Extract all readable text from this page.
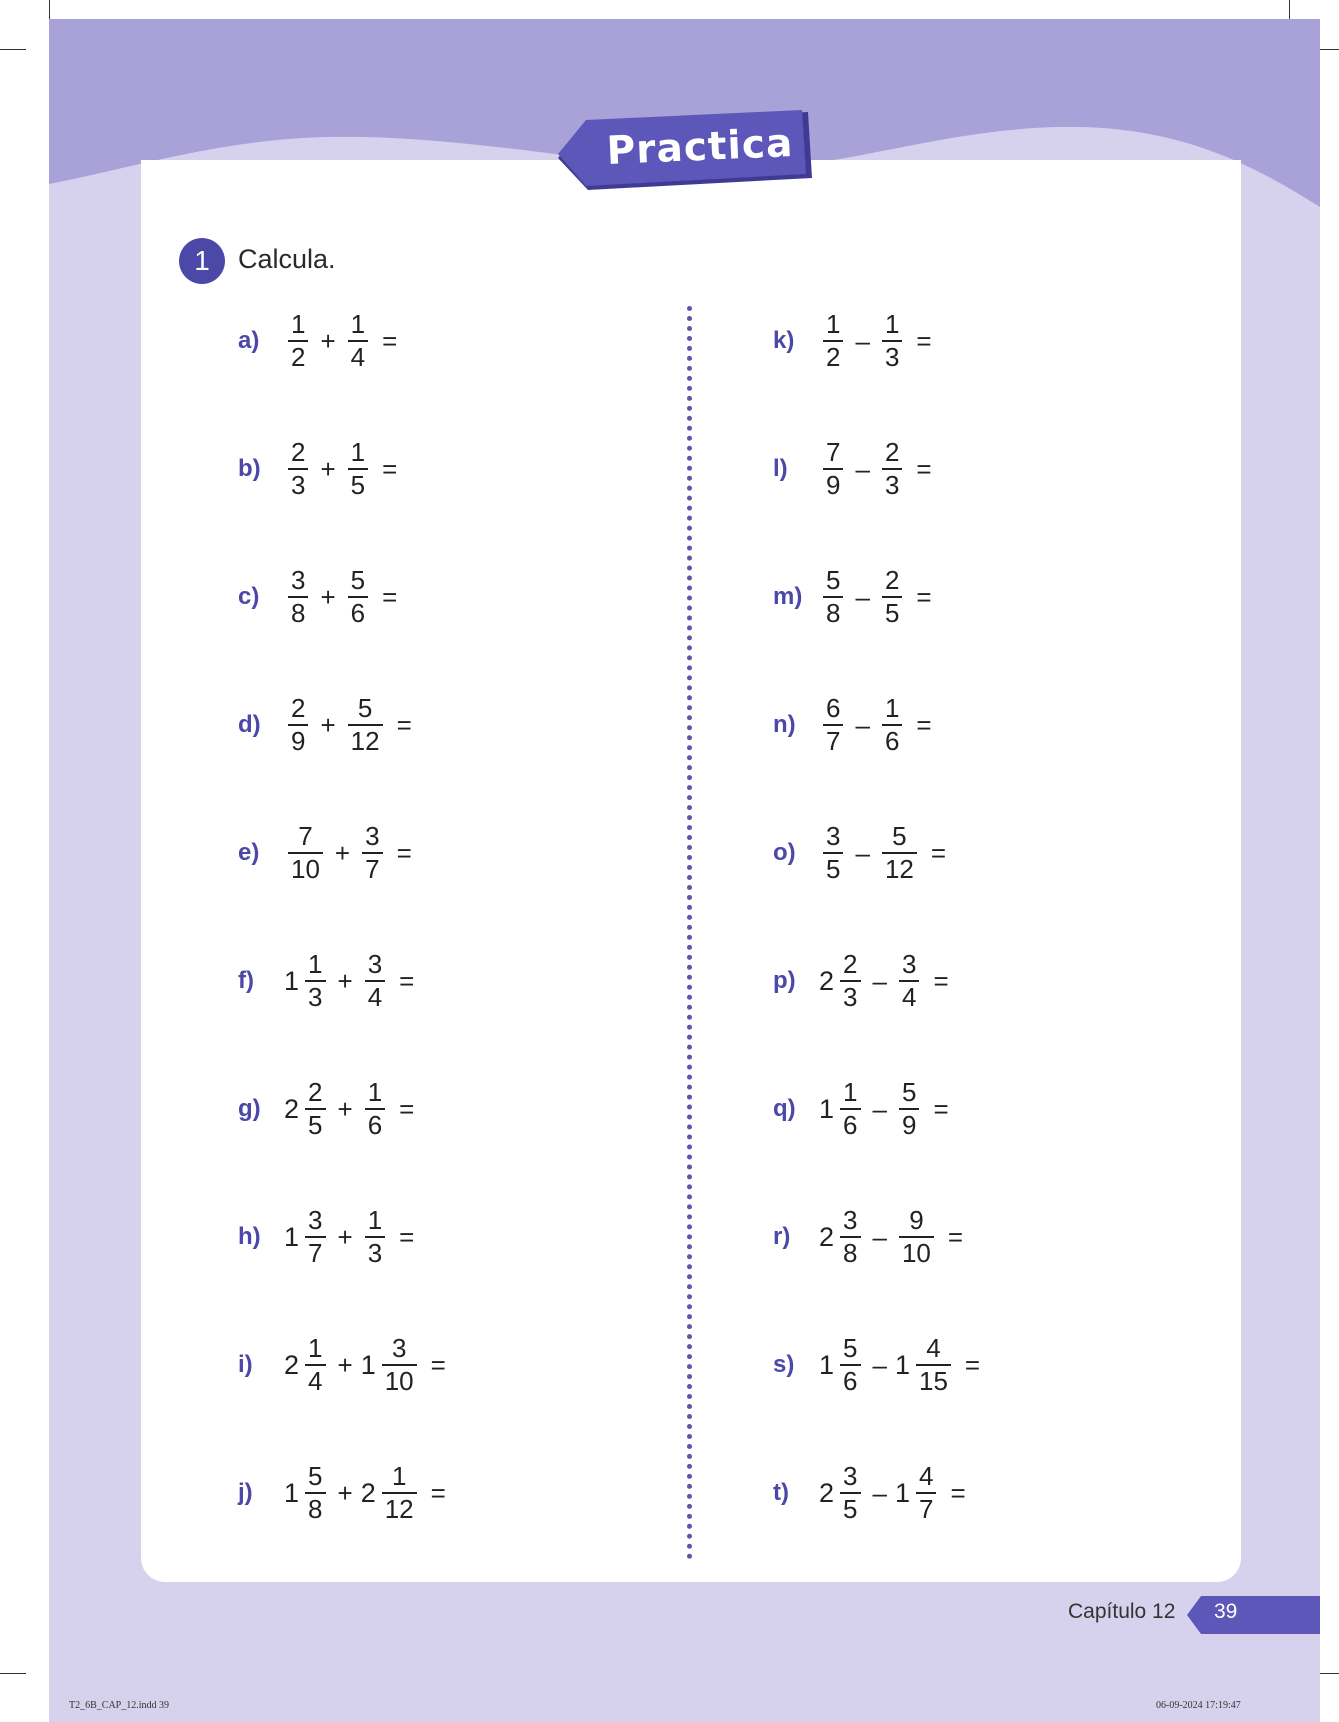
Practica
1	Calcula.
a)	$\frac{1}{2} + \frac{1}{4}$ =
b)	$\frac{2}{3} + \frac{1}{5}$ =
c)	$\frac{3}{8} + \frac{5}{6}$ =
d)	$\frac{2}{9} + \frac{5}{12}$ =
e)	$\frac{7}{10} + \frac{3}{7}$ =
f)	$1 \frac{1}{3} + \frac{3}{4}$ =
g) $2 \frac{2}{5} + \frac{1}{6}$ =
h) $1 \frac{3}{7} + \frac{1}{3}$ =
i)	$2 \frac{1}{4} + 1 \frac{3}{10}$ =
j)	$1 \frac{5}{8} + 2 \frac{1}{12}$ =
k)	$\frac{1}{2} - \frac{1}{3}$ =
l)	$\frac{7}{9} - \frac{2}{3}$ =
$m) \frac{5}{8} - \frac{2}{5}$ =
n)	$\frac{6}{7} - \frac{1}{6}$ =
o)	$\frac{3}{5} - \frac{5}{12}$ =
p) $2 \frac{2}{3} - \frac{3}{4}$ =
q) $1 \frac{1}{6} - \frac{5}{9}$ =
r)	$2 \frac{3}{8} - \frac{9}{10}$ =
s) $1 \frac{5}{6} - 1 \frac{4}{15}$ =
t)	$2 \frac{3}{5} - 1 \frac{4}{7}$ =
Capítulo 12 39
T2_6B_CAP_12.indd 39	06-09-2024 17:19:47
